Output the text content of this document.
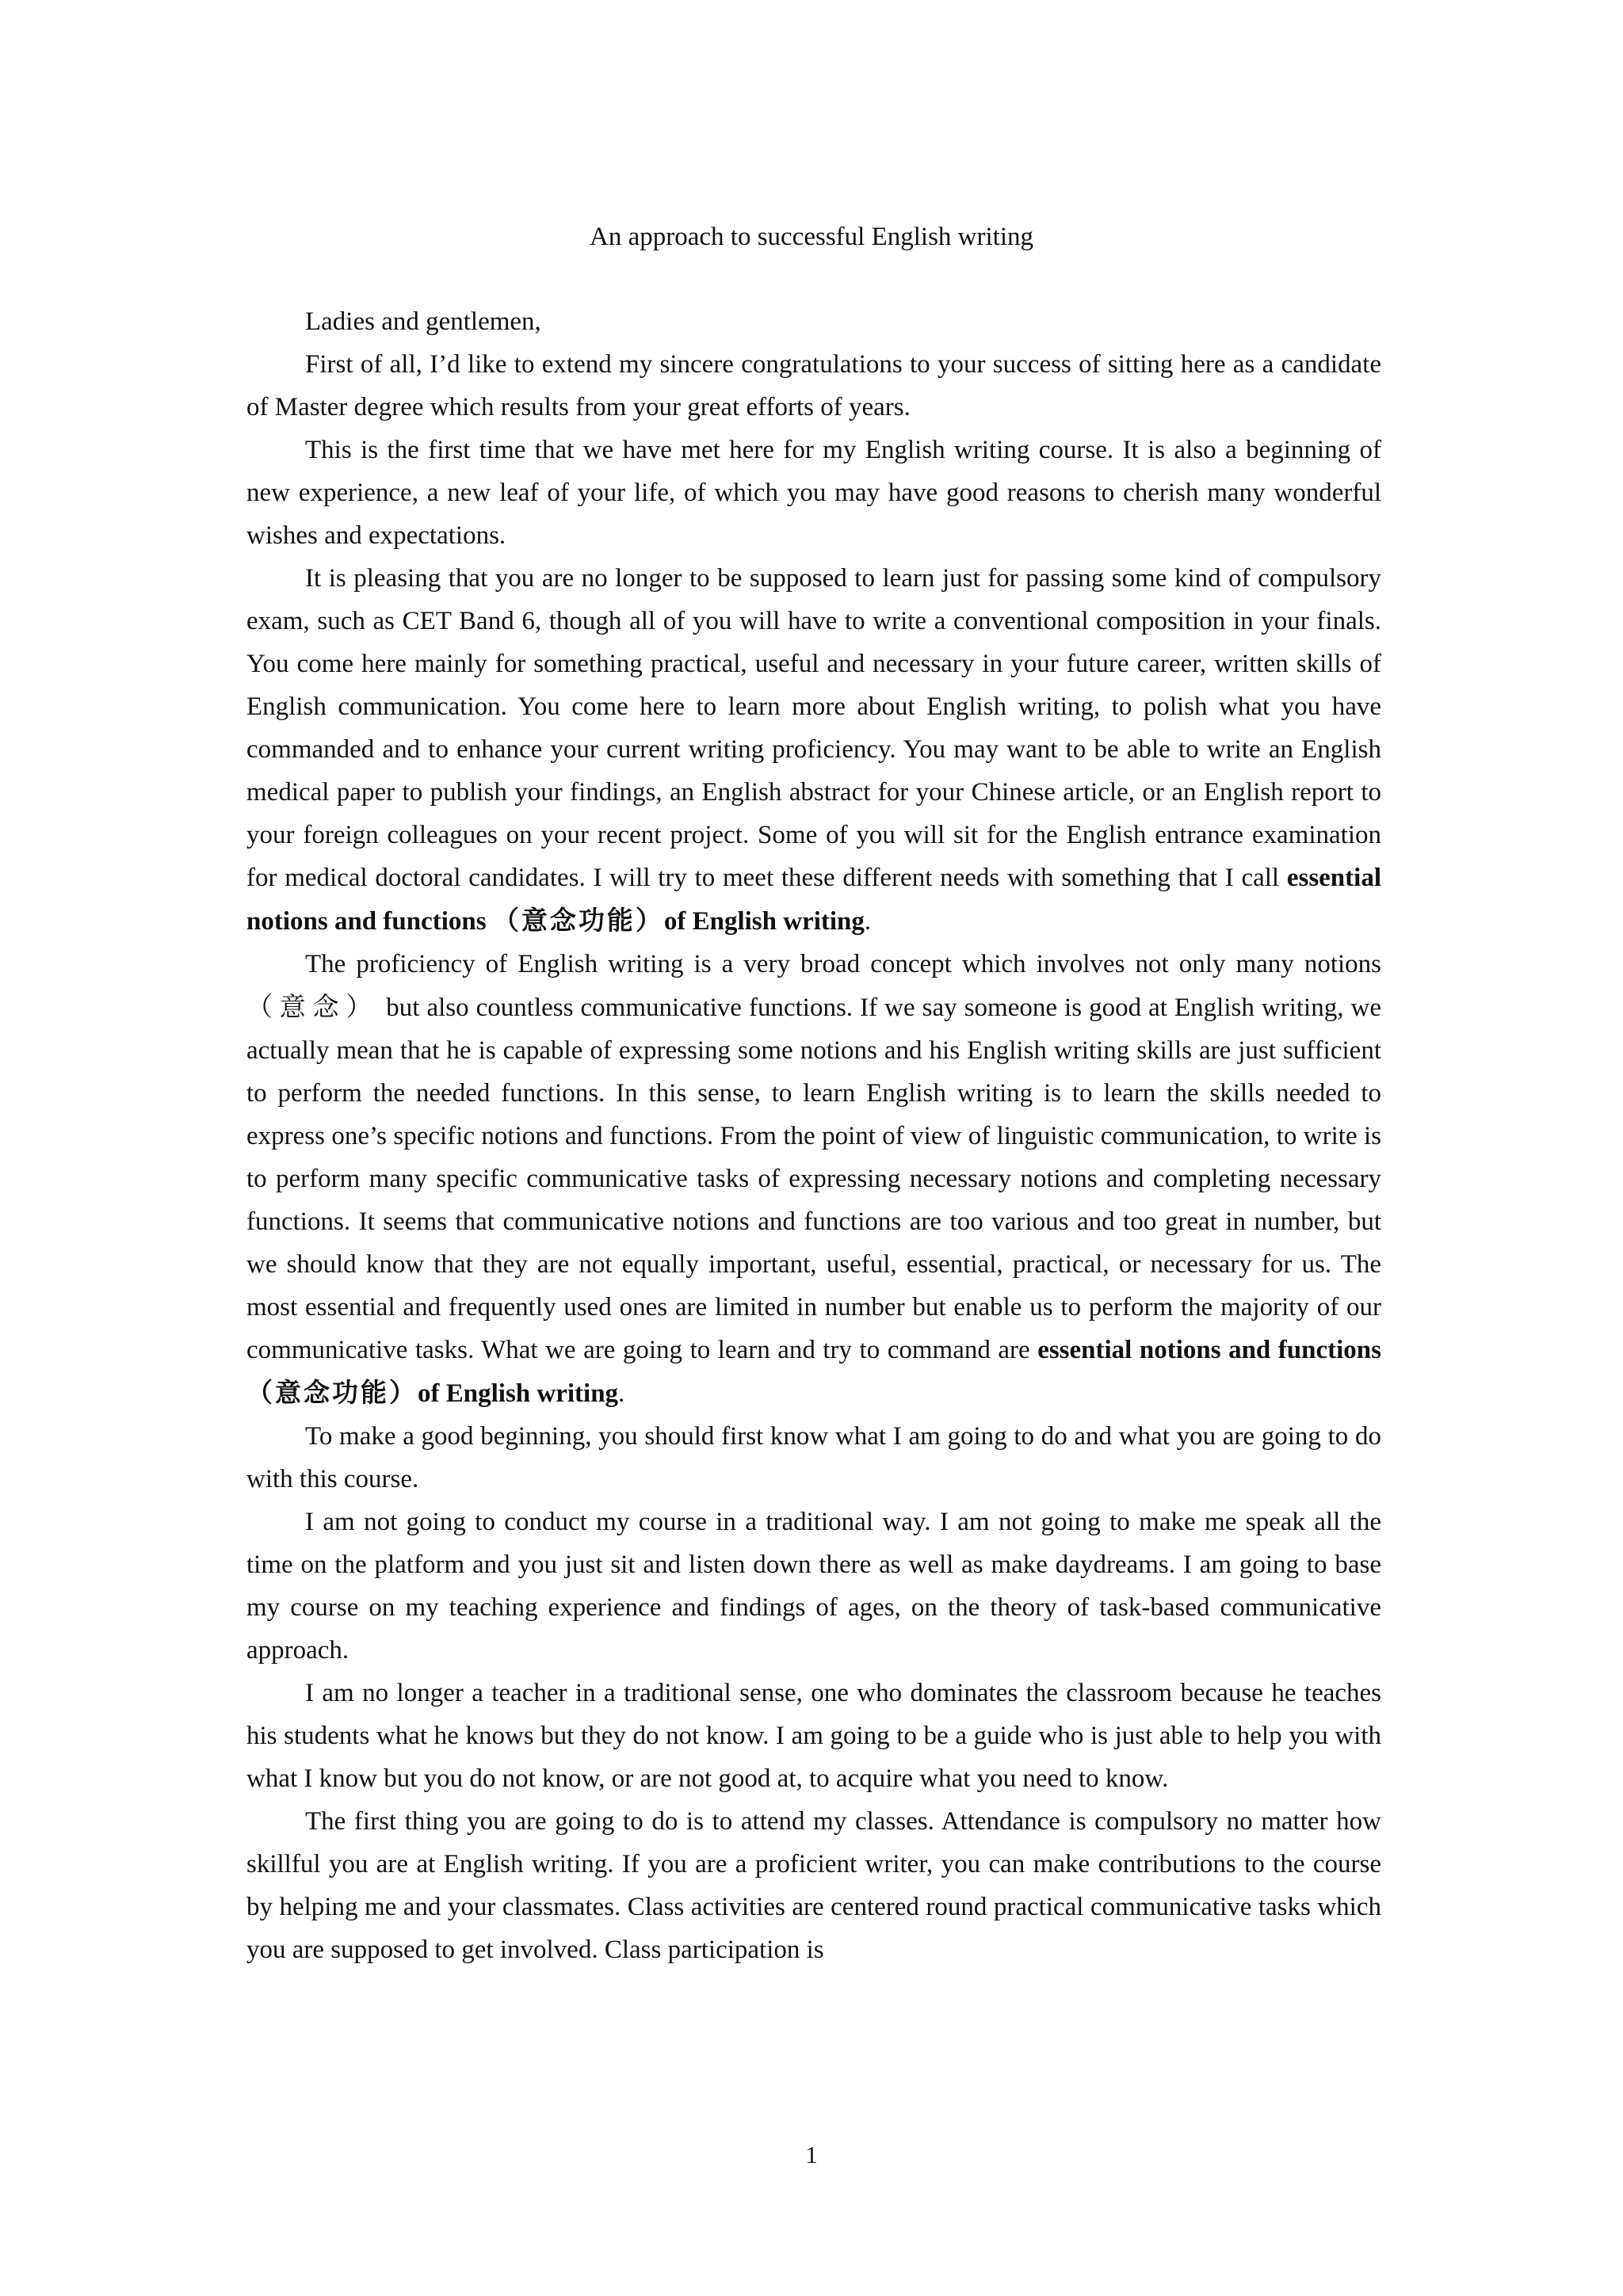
An approach to successful English writing

Ladies and gentlemen,

First of all, I’d like to extend my sincere congratulations to your success of sitting here as a candidate of Master degree which results from your great efforts of years.

This is the first time that we have met here for my English writing course. It is also a beginning of new experience, a new leaf of your life, of which you may have good reasons to cherish many wonderful wishes and expectations.

It is pleasing that you are no longer to be supposed to learn just for passing some kind of compulsory exam, such as CET Band 6, though all of you will have to write a conventional composition in your finals. You come here mainly for something practical, useful and necessary in your future career, written skills of English communication. You come here to learn more about English writing, to polish what you have commanded and to enhance your current writing proficiency. You may want to be able to write an English medical paper to publish your findings, an English abstract for your Chinese article, or an English report to your foreign colleagues on your recent project. Some of you will sit for the English entrance examination for medical doctoral candidates. I will try to meet these different needs with something that I call essential notions and functions （意念功能）of English writing.

The proficiency of English writing is a very broad concept which involves not only many notions （意念） but also countless communicative functions. If we say someone is good at English writing, we actually mean that he is capable of expressing some notions and his English writing skills are just sufficient to perform the needed functions. In this sense, to learn English writing is to learn the skills needed to express one’s specific notions and functions. From the point of view of linguistic communication, to write is to perform many specific communicative tasks of expressing necessary notions and completing necessary functions. It seems that communicative notions and functions are too various and too great in number, but we should know that they are not equally important, useful, essential, practical, or necessary for us. The most essential and frequently used ones are limited in number but enable us to perform the majority of our communicative tasks. What we are going to learn and try to command are essential notions and functions （意念功能）of English writing.

To make a good beginning, you should first know what I am going to do and what you are going to do with this course.

I am not going to conduct my course in a traditional way. I am not going to make me speak all the time on the platform and you just sit and listen down there as well as make daydreams. I am going to base my course on my teaching experience and findings of ages, on the theory of task-based communicative approach.

I am no longer a teacher in a traditional sense, one who dominates the classroom because he teaches his students what he knows but they do not know. I am going to be a guide who is just able to help you with what I know but you do not know, or are not good at, to acquire what you need to know.

The first thing you are going to do is to attend my classes. Attendance is compulsory no matter how skillful you are at English writing. If you are a proficient writer, you can make contributions to the course by helping me and your classmates. Class activities are centered round practical communicative tasks which you are supposed to get involved. Class participation is

1
